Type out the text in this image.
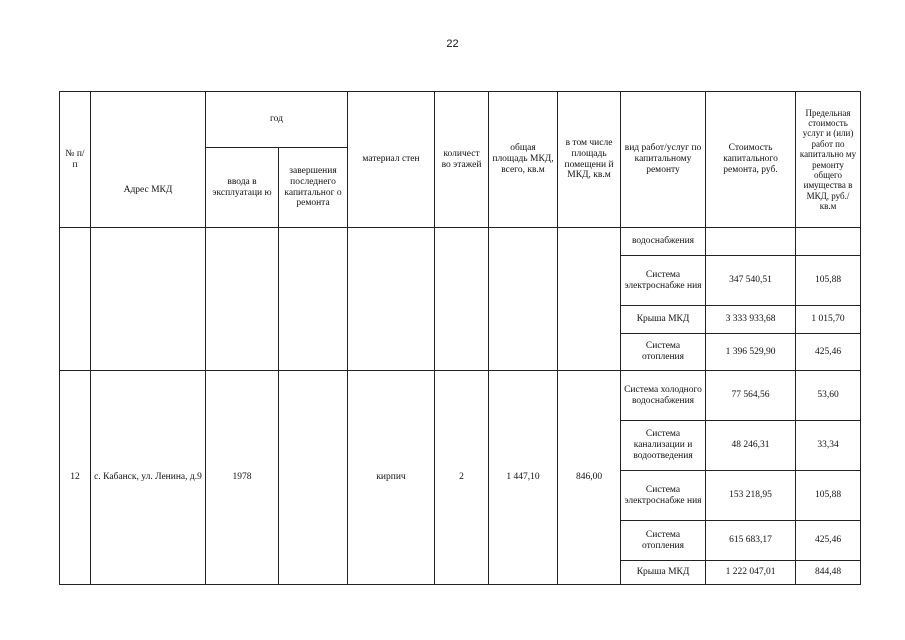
22
№ п/п	Адрес МКД	год		материал стен	количест во этажей	общая площадь МКД, всего, кв.м	в том числе площадь помещени й МКД, кв.м	вид работ/услуг по капитальному ремонту	Стоимость капитального ремонта, руб.	Предельная стоимость услуг и (или) работ по капитально му ремонту общего имущества в МКД, руб./кв.м
		ввода в эксплуатаци ю	завершения последнего капитальног о ремонта							
								водоснабжения		
								Система электроснабже ния	347 540,51	105,88
								Крыша МКД	3 333 933,68	1 015,70
								Система отопления	1 396 529,90	425,46
12	с. Кабанск, ул. Ленина, д.9	1978		кирпич	2	1 447,10	846,00	Система холодного водоснабжения	77 564,56	53,60
								Система канализации и водоотведения	48 246,31	33,34
								Система электроснабже ния	153 218,95	105,88
								Система отопления	615 683,17	425,46
								Крыша МКД	1 222 047,01	844,48
